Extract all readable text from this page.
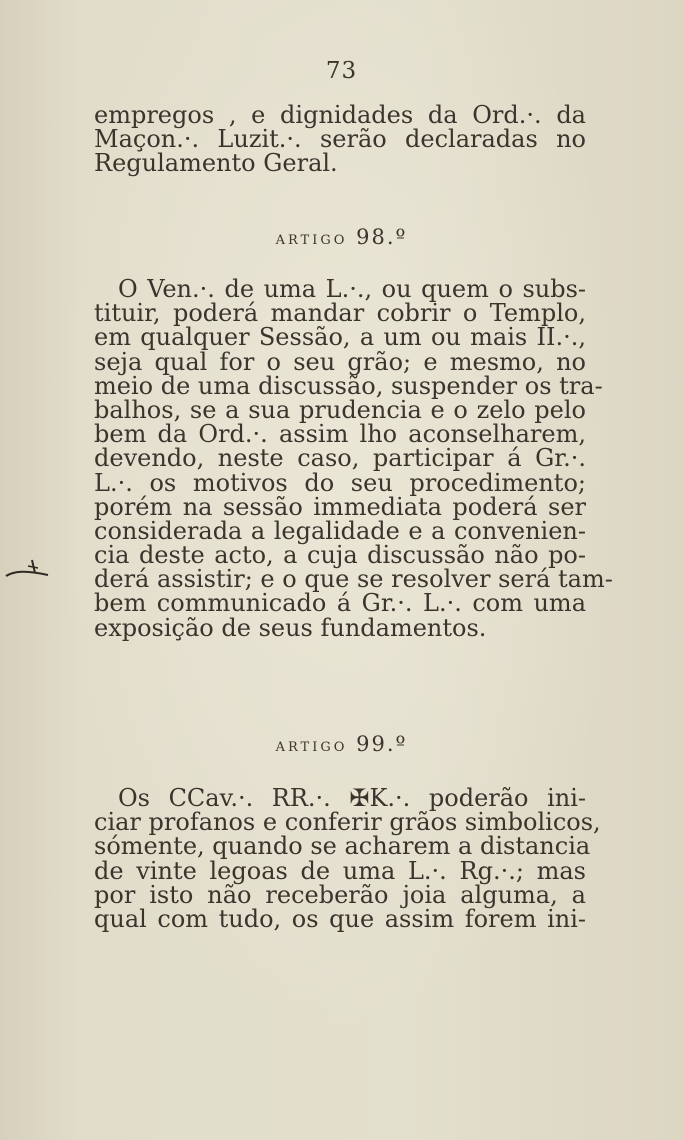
73
empregos , e dignidades da Ord.·. da
Maçon.·. Luzit.·. serão declaradas no
Regulamento Geral.
artigo 98.º
O Ven.·. de uma L.·., ou quem o subs-
tituir, poderá mandar cobrir o Templo,
em qualquer Sessão, a um ou mais II.·.,
seja qual for o seu grão; e mesmo, no
meio de uma discussão, suspender os tra-
balhos, se a sua prudencia e o zelo pelo
bem da Ord.·. assim lho aconselharem,
devendo, neste caso, participar á Gr.·.
L.·. os motivos do seu procedimento;
porém na sessão immediata poderá ser
considerada a legalidade e a convenien-
cia deste acto, a cuja discussão não po-
derá assistir; e o que se resolver será tam-
bem communicado á Gr.·. L.·. com uma
exposição de seus fundamentos.
artigo 99.º
Os CCav.·. RR.·. ✠K.·. poderão ini-
ciar profanos e conferir grãos simbolicos,
sómente, quando se acharem a distancia
de vinte legoas de uma L.·. Rg.·.; mas
por isto não receberão joia alguma, a
qual com tudo, os que assim forem ini-
